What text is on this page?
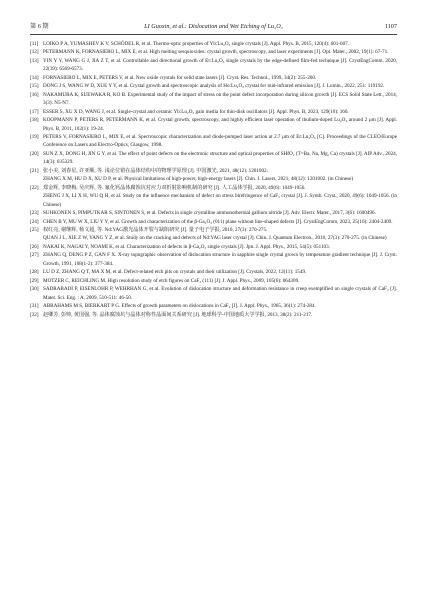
第 6 期	LI Guoxin, et al.: Dislocation and Wet Etching of Lu₂O₃	1107
[11] LOIKO P A, YUMASHEV K V, SCHÖDEL R, et al. Thermo-optic properties of Yb:Lu₂O₃ single crystals [J]. Appl. Phys. B, 2015, 120(4): 601-607.
[12] PETERMANN K, FORNASIERO L, MIX E, et al. High melting sesquioxides: crystal growth, spectroscopy, and laser experiments [J]. Opt. Mater., 2002, 19(1): 67-71.
[13] YIN Y Y, WANG G J, JIA Z T, et al. Controllable and directional growth of Er:Lu₂O₃ single crystals by the edge-defined film-fed technique [J]. CrystEngComm, 2020, 22(39): 6569-6573.
[14] FORNASIERO L, MIX E, PETERS V, et al. New oxide crystals for solid state lasers [J]. Cryst. Res. Technol., 1999, 34(2): 255-260.
[15] DONG J S, WANG W D, XUE Y Y, et al. Crystal growth and spectroscopic analysis of Ho:Lu₂O₃ crystal for mid-infrared emission [J]. J. Lumin., 2022, 251: 119192.
[16] NAKAMURA K, SUEWAKA R, KO B. Experimental study of the impact of stress on the point defect incorporation during silicon growth [J]. ECS Solid State Lett., 2014, 3(3): N5-N7.
[17] ESSER S, XU X D, WANG J, et al. Single-crystal and ceramic Yb:Lu₂O₃ gain media for thin-disk oscillators [J]. Appl. Phys. B, 2023, 129(10): 160.
[18] KOOPMANN P, PETERS R, PETERMANN K, et al. Crystal growth, spectroscopy, and highly efficient laser operation of thulium-doped Lu₂O₃ around 2 μm [J]. Appl. Phys. B, 2011, 102(1): 19-24.
[19] PETERS V, FORNASIERO L, MIX E, et al. Spectroscopic characterization and diode-pumped laser action at 2.7 μm of Er:Lu₂O₃ [C]. Proceedings of the CLEO/Europe Conference on Lasers and Electro-Optics, Glasgow, 1998.
[20] SUN Z X, DONG H, JIN G Y, et al. The effect of point defects on the electronic structure and optical properties of SHfO₂ (T=Ba, Na, Mg, Ca) crystals [J]. AIP Adv., 2024, 14(3): 035329.
[21] 张小美, 刘春星, 许亚顺, 等. 浅论位错在晶体结构中的物理学原理 [J]. 中国激光, 2021, 48(12): 1201002.
ZHANG X M, HU D X, XU D P, et al. Physical limitations of high-power, high-energy lasers [J]. Chin. J. Lasers, 2021, 48(12): 1201002. (in Chinese)
[22] 郑金辉, 李晓梅, 吴庆辉, 等. 氟化钙晶体腐蚀坑对应力双折射影响机制的研究 [J]. 人工晶体学报, 2020, 49(6): 1049-1056.
ZHENG J X, LI X H, WU Q H, et al. Study on the influence mechanism of defect on stress birefringence of CaF₂ crystal [J]. J. Synth. Cryst., 2020, 49(6): 1049-1056. (in Chinese)
[23] SUHKONEN S, PIMPUTKAR S, SINTONEN S, et al. Defects in single crystalline ammonothermal gallium nitride [J]. Adv. Electr. Mater., 2017, 3(6): 1600496.
[24] CHEN B Y, MU W X, LIU Y Y, et al. Growth and characterization of the β-Ga₂O₃ (011) plane without line-shaped defects [J]. CrystEngComm, 2023, 25(16): 2404-2409.
[25] 权红亮, 谢继辉, 杨文超, 等. Nd:YAG激光晶体开裂与缺陷研究 [J]. 量子电子学报, 2010, 27(3): 270-275.
QUAN J L, XIE Z W, YANG Y Z, et al. Study on the cracking and defects of Nd:YAG laser crystal [J]. Chin. J. Quantum Electron., 2010, 27(3): 270-275. (in Chinese)
[26] NAKAI K, NAGAI Y, NOAMI K, et al. Characterization of defects in β-Ga₂O₃ single crystals [J]. Jpn. J. Appl. Phys., 2015, 54(5): 051103.
[27] ZHANG Q, DENG P Z, GAN F X. X-ray topographic observation of dislocation structure in sapphire single crystal grown by temperature gradient technique [J]. J. Cryst. Growth, 1991, 108(1-2): 377-384.
[28] LU D Z, ZHANG Q T, MA X M, et al. Defect-related etch pits on crystals and their utilization [J]. Crystals, 2022, 12(11): 1549.
[29] MOTZER C, REICHLING M. High resolution study of etch figures on CaF₂ (111) [J]. J. Appl. Phys., 2009, 105(6): 064309.
[30] SADRABADI P, EISENLOHR P, WEHRHAN G, et al. Evolution of dislocation structure and deformation resistance in creep exemplified on single crystals of CaF₂ [J]. Mater. Sci. Eng. : A, 2009, 510-511: 46-50.
[31] ABRAHAMS M S, BIERKART P G. Effects of growth parameters on dislocations in CaF₂ [J]. J. Appl. Phys., 1965, 36(1): 274-284.
[32] 赵卿芳, 彭帅, 黄国强, 等. 晶体腐蚀坑与晶体对称性晶面间关系研究 [J]. 地球科学-中国地质大学学报, 2013, 38(2): 211-217.
